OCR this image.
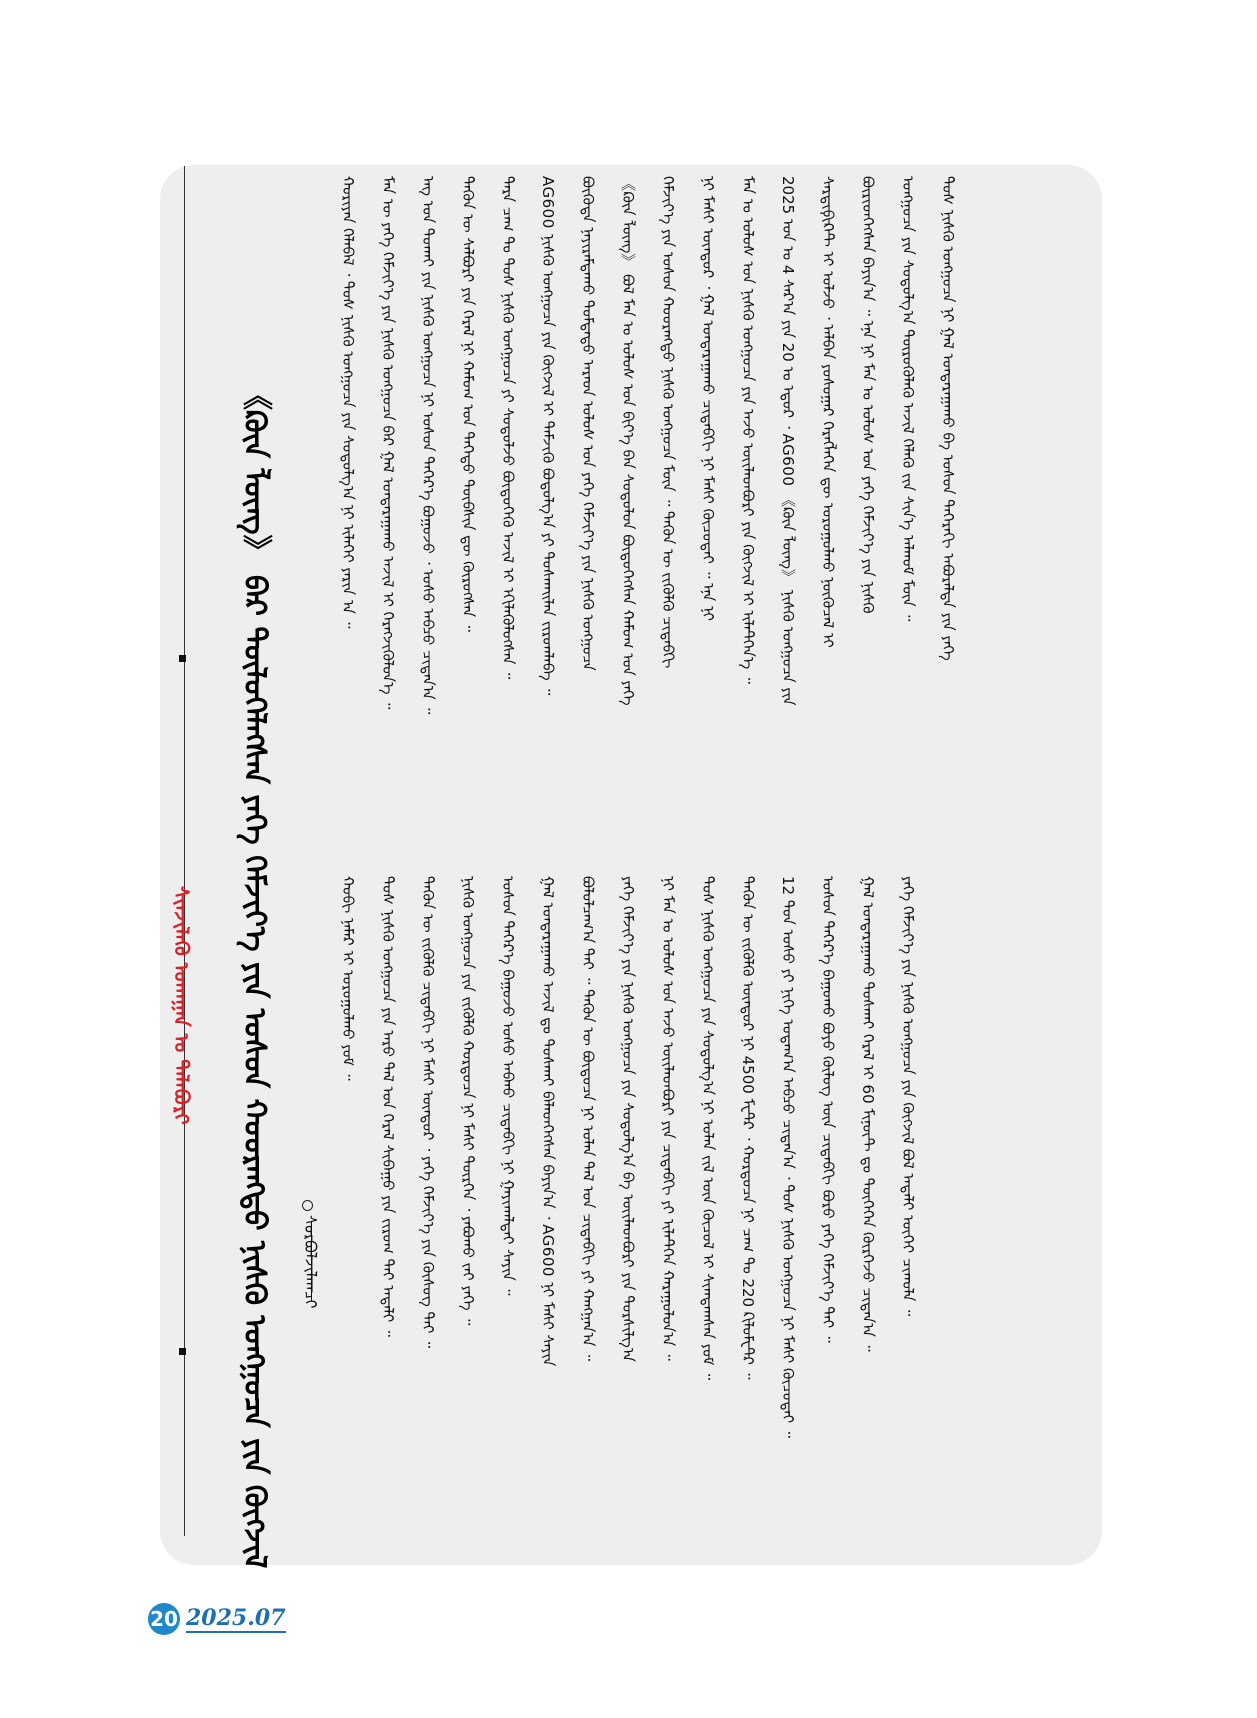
ᠰᠢᠨᠵᠢᠯᠡᠬᠦ ᠤᠬᠠᠭᠠᠨ ᠤ ᠲᠠᠯᠠᠪᠤᠷᠢ	《ᠺᠦᠨ ᠯᠦᠩ》 ᠪᠠᠷ ᠲᠦᠯᠦᠭᠡᠯᠡᠭᠰᠡᠨ ᠶᠡᠬᠡ ᠬᠡᠮᠵᠢᠶ᠎ᠡ ᠶᠢᠨ ᠤᠰᠤᠨ ᠬᠤᠤᠷᠠᠩᠳᠤ ᠨᠢᠰᠬᠦ ᠣᠩᠭᠤᠴᠠ ᠶᠢᠨ ᠬᠦᠭᠵᠢᠯ	ᠰᠤᠷᠪᠤᠯᠵᠢᠯᠠᠭᠴᠢ
ᠬᠤᠷᠢᠶᠠᠨ ᠬᠡᠯᠡᠪᠡᠯ ᠂ ᠲᠤᠰ ᠨᠢᠰᠬᠦ ᠣᠩᠭᠤᠴᠠ ᠶᠢᠨ ᠰᠤᠳᠤᠯᠭ᠎ᠠ ᠨᠢ ᠢᠯᠡᠬᠡᠢ ᠶᠠᠷᠢᠨ ᠠ ᠃	ᠮᠡᠨ ᠦ ᠶᠡᠬᠡ ᠬᠡᠮᠵᠢᠶ᠎ᠡ ᠶᠢᠨ ᠨᠢᠰᠬᠦ ᠣᠩᠭᠤᠴᠠ ᠪᠠᠷ ᠭᠠᠯ ᠤᠨᠲᠠᠷᠠᠭᠠᠬᠤ ᠠᠵᠢᠯ ᠢ ᠬᠡᠷᠡᠭᠵᠢᠭᠦᠯᠦᠨ᠎ᠡ ᠃	ᠡᠩ ᠤᠨ ᠲᠤᠬᠠᠢ ᠶᠢᠨ ᠨᠢᠰᠬᠦ ᠣᠩᠭᠤᠴᠠ ᠨᠢ ᠤᠰᠤᠨ ᠳᠡᠭᠡᠷ᠎ᠡ ᠪᠤᠭᠤᠵᠤ ᠂ ᠤᠰᠤ ᠠᠪᠴᠤ ᠴᠢᠳᠠᠨ᠎ᠠ ᠃	ᠲᠡᠭᠦᠨ ᠦ ᠰᠠᠯᠪᠤᠷᠢ ᠶᠢᠨ ᠭᠡᠷᠡᠯ ᠨᠢ ᠬᠠᠮᠤᠭ ᠤᠨ ᠳᠡᠭᠡᠳᠦ ᠲᠦᠪᠰᠢᠨ ᠳᠦ ᠬᠦᠷᠦᠭᠰᠡᠨ ᠃	ᠲᠡᠷᠡ ᠴᠠᠭ ᠲᠤ ᠲᠤᠰ ᠨᠢᠰᠬᠦ ᠣᠩᠭᠤᠴᠠ ᠶᠢ ᠰᠤᠳᠤᠯᠵᠤ ᠪᠦᠲᠦᠭᠡᠬᠦ ᠠᠵᠢᠯ ᠢ ᠡᠬᠢᠯᠡᠭᠦᠯᠦᠭᠰᠡᠨ ᠃	AG600 ᠨᠢᠰᠬᠦ ᠣᠩᠭᠤᠴᠠ ᠶᠢᠨ ᠬᠦᠭᠵᠢᠯ ᠢ ᠳᠡᠮᠵᠢᠬᠦ ᠪᠣᠳᠣᠯᠭ᠎ᠠ ᠶᠢ ᠲᠤᠰᠬᠠᠢᠯᠠᠨ ᠵᠢᠷᠤᠭᠯᠠᠪᠠ ᠃	ᠪᠦᠭᠦᠳᠡ ᠨᠠᠶᠢᠷᠠᠮᠳᠠᠬᠤ ᠳᠤᠮᠳᠠᠳᠤ ᠠᠷᠠᠳ ᠤᠯᠤᠰ ᠤᠨ ᠶᠡᠬᠡ ᠬᠡᠮᠵᠢᠶ᠎ᠡ ᠶᠢᠨ ᠨᠢᠰᠬᠦ ᠣᠩᠭᠤᠴᠠ	《ᠺᠦᠨ ᠯᠦᠩ》 ᠪᠣᠯ ᠮᠠᠨ ᠤ ᠤᠯᠤᠰ ᠤᠨ ᠪᠢᠶ᠎ᠡ ᠪᠡᠨ ᠰᠤᠳᠤᠯᠤᠨ ᠪᠦᠲᠦᠭᠡᠭᠰᠡᠨ ᠬᠠᠮᠤᠭ ᠤᠨ ᠶᠡᠬᠡ	ᠬᠡᠮᠵᠢᠶ᠎ᠡ ᠶᠢᠨ ᠤᠰᠤᠨ ᠬᠤᠤᠷᠠᠩᠳᠤ ᠨᠢᠰᠬᠦ ᠣᠩᠭᠤᠴᠠ ᠮᠥᠨ ᠃ ᠲᠡᠭᠦᠨ ᠦ ᠵᠢᠭᠦᠯᠬᠦ ᠴᠢᠳᠠᠪᠬᠢ	ᠨᠢ ᠮᠠᠰᠢ ᠥᠨᠳᠥᠷ ᠂ ᠭᠠᠯ ᠤᠨᠲᠠᠷᠠᠭᠠᠬᠤ ᠴᠢᠳᠠᠪᠬᠢ ᠨᠢ ᠮᠠᠰᠢ ᠬᠦᠴᠦᠲᠡᠢ ᠃ ᠡᠨᠡ ᠨᠢ	ᠮᠠᠨ ᠤ ᠤᠯᠤᠰ ᠤᠨ ᠨᠢᠰᠬᠦ ᠣᠩᠭᠤᠴᠠ ᠶᠢᠨ ᠠᠵᠤ ᠦᠢᠯᠡᠳᠪᠦᠷᠢ ᠶᠢᠨ ᠬᠦᠭᠵᠢᠯ ᠢ ᠢᠯᠡᠲᠬᠡᠨ᠎ᠡ ᠃	2025 ᠣᠨ ᠤ 4 ᠰᠠᠷ᠎ᠠ ᠶᠢᠨ 20 ᠤ ᠡᠳᠦᠷ ᠂ AG600 《ᠺᠦᠨ ᠯᠦᠩ》 ᠨᠢᠰᠬᠦ ᠣᠩᠭᠤᠴᠠ ᠶᠢᠨ	ᠰᠡᠷᠲᠢᠹᠢᠺᠠᠲ ᠢ ᠣᠯᠵᠤ ᠂ ᠠᠯᠪᠠᠨ ᠶᠣᠰᠣᠭᠠᠷ ᠬᠡᠷᠡᠭᠯᠡᠭᠡᠨ ᠳᠦ ᠣᠷᠣᠭᠤᠯᠬᠤ ᠨᠦᠬᠦᠴᠡᠯ ᠢ	ᠪᠦᠷᠢᠳᠬᠡᠭᠰᠡᠨ ᠪᠠᠶᠢᠨ᠎ᠠ ᠃ ᠡᠨᠡ ᠨᠢ ᠮᠠᠨ ᠤ ᠤᠯᠤᠰ ᠤᠨ ᠶᠡᠬᠡ ᠬᠡᠮᠵᠢᠶ᠎ᠡ ᠶᠢᠨ ᠨᠢᠰᠬᠦ	ᠣᠩᠭᠤᠴᠠ ᠶᠢᠨ ᠰᠤᠳᠤᠯᠭ᠎ᠠ ᠲᠦᠷᠦᠭᠦᠯᠡᠬᠦ ᠠᠵᠢᠯ ᠬᠡᠯᠡᠬᠦ ᠵᠢᠨ ᠰᠢᠨ᠎ᠡ ᠠᠯᠬᠤᠮ ᠮᠥᠨ ᠃	ᠲᠤᠰ ᠨᠢᠰᠬᠦ ᠣᠩᠭᠤᠴᠠ ᠨᠢ ᠭᠠᠯ ᠤᠨᠲᠠᠷᠠᠭᠠᠬᠤ ᠪᠠ ᠤᠰᠤᠨ ᠳᠡᠭᠡᠷᠡᠬᠢ ᠠᠪᠤᠷᠠᠯᠲᠠ ᠶᠢᠨ ᠶᠡᠬᠡ
ᠬᠤᠪᠢ ᠨᠡᠮᠡᠷ ᠢ ᠣᠷᠤᠭᠤᠯᠬᠤ ᠶᠤᠮ ᠃	ᠲᠤᠰ ᠨᠢᠰᠬᠦ ᠣᠩᠭᠤᠴᠠ ᠶᠢᠨ ᠠᠷᠤ ᠲᠠᠯ ᠤᠨ ᠭᠡᠷᠡᠯ ᠰᠢᠪᠠᠭᠤ ᠶᠢᠨ ᠵᠢᠷᠤᠭ ᠲᠠᠢ ᠠᠳᠠᠯᠢ ᠃	ᠲᠡᠭᠦᠨ ᠦ ᠵᠢᠭᠦᠯᠬᠦ ᠴᠢᠳᠠᠪᠬᠢ ᠨᠢ ᠮᠠᠰᠢ ᠥᠨᠳᠥᠷ ᠂ ᠶᠡᠬᠡ ᠬᠡᠮᠵᠢᠶ᠎ᠡ ᠶᠢᠨ ᠬᠦᠰᠦᠭ ᠲᠠᠢ ᠃	ᠨᠢᠰᠬᠦ ᠣᠩᠭᠤᠴᠠ ᠶᠢᠨ ᠵᠢᠭᠦᠯᠬᠦ ᠬᠤᠷᠳᠤᠴᠠ ᠨᠢ ᠮᠠᠰᠢ ᠲᠦᠷᠭᠡᠨ ᠂ ᠶᠠᠪᠤᠬᠤ ᠵᠠᠢ ᠶᠡᠬᠡ ᠃	ᠤᠰᠤᠨ ᠳᠡᠭᠡᠷ᠎ᠡ ᠪᠠᠭᠤᠵᠤ ᠤᠰᠤ ᠠᠪᠬᠤ ᠴᠢᠳᠠᠪᠬᠢ ᠨᠢ ᠭᠠᠶᠢᠬᠠᠯᠲᠠᠢ ᠰᠠᠶᠢᠨ ᠃	ᠭᠠᠯ ᠤᠨᠲᠠᠷᠠᠭᠠᠬᠤ ᠠᠵᠢᠯ ᠳᠤ ᠲᠤᠰᠬᠠᠢ ᠪᠡᠯᠡᠳᠬᠡᠭᠰᠡᠨ ᠪᠠᠶᠢᠨ᠎ᠠ ᠂ AG600 ᠨᠢ ᠮᠠᠰᠢ ᠰᠠᠶᠢᠨ	ᠪᠣᠯᠤᠯᠴᠠᠭ᠎ᠠ ᠲᠠᠢ ᠃ ᠲᠡᠭᠦᠨ ᠦ ᠪᠦᠲᠦᠴᠡ ᠨᠢ ᠣᠯᠠᠨ ᠲᠠᠯ ᠤᠨ ᠴᠢᠳᠠᠪᠬᠢ ᠶᠢ ᠬᠠᠩᠭᠠᠨ᠎ᠠ ᠃	ᠶᠡᠬᠡ ᠬᠡᠮᠵᠢᠶ᠎ᠡ ᠶᠢᠨ ᠨᠢᠰᠬᠦ ᠣᠩᠭᠤᠴᠠ ᠶᠢᠨ ᠰᠤᠳᠤᠯᠭ᠎ᠠ ᠪᠠ ᠦᠢᠯᠡᠳᠪᠦᠷᠢ ᠶᠢᠨ ᠲᠤᠷᠰᠢᠯᠭ᠎ᠠ	ᠨᠢ ᠮᠠᠨ ᠤ ᠤᠯᠤᠰ ᠤᠨ ᠠᠵᠤ ᠦᠢᠯᠡᠳᠪᠦᠷᠢ ᠶᠢᠨ ᠴᠢᠳᠠᠪᠬᠢ ᠶᠢ ᠢᠯᠡᠲᠬᠡᠨ ᠬᠠᠷᠠᠭᠤᠯᠤᠨ᠎ᠠ ᠃	ᠲᠤᠰ ᠨᠢᠰᠬᠦ ᠣᠩᠭᠤᠴᠠ ᠶᠢᠨ ᠰᠤᠳᠤᠯᠭ᠎ᠠ ᠨᠢ ᠣᠯᠠᠨ ᠵᠢᠯ ᠦᠨ ᠬᠦᠴᠦᠯ ᠢ ᠰᠢᠭᠳᠠᠭᠰᠠᠨ ᠶᠤᠮ ᠃	ᠲᠡᠭᠦᠨ ᠦ ᠵᠢᠭᠦᠯᠬᠦ ᠥᠨᠳᠥᠷ ᠨᠢ 4500 ᠮᠧᠲ᠋ᠷ ᠂ ᠬᠤᠷᠳᠤᠴᠠ ᠨᠢ ᠴᠠᠭ ᠲᠤ 220 ᠺᠢᠯᠤᠮᠧᠲ᠋ᠷ ᠃	12 ᠲᠣᠨ ᠤᠰᠤ ᠶᠢ ᠨᠢᠭᠡ ᠤᠳᠠᠭ᠎ᠠ ᠠᠪᠴᠤ ᠴᠢᠳᠠᠨ᠎ᠠ ᠂ ᠲᠤᠰ ᠨᠢᠰᠬᠦ ᠣᠩᠭᠤᠴᠠ ᠨᠢ ᠮᠠᠰᠢ ᠬᠦᠴᠦᠲᠡᠢ ᠃	ᠤᠰᠤᠨ ᠳᠡᠭᠡᠷ᠎ᠡ ᠪᠠᠭᠤᠬᠤ ᠪᠤᠶᠤ ᠬᠦᠯᠦᠭ ᠦᠨ ᠴᠢᠳᠠᠪᠬᠢ ᠪᠤᠷᠤ ᠶᠡᠬᠡ ᠬᠡᠮᠵᠢᠶ᠎ᠡ ᠲᠠᠢ ᠃	ᠭᠠᠯ ᠤᠨᠲᠠᠷᠠᠭᠠᠬᠤ ᠲᠤᠰᠬᠠᠢ ᠭᠡᠷᠡᠯ ᠢ 60 ᠮᠢᠨᠦ᠋ᠲ ᠳᠤ ᠲᠦᠭᠡᠭᠡᠨ ᠬᠦᠷᠭᠡᠵᠦ ᠴᠢᠳᠠᠨ᠎ᠠ ᠃	ᠶᠡᠬᠡ ᠬᠡᠮᠵᠢᠶ᠎ᠡ ᠶᠢᠨ ᠨᠢᠰᠬᠦ ᠣᠩᠭᠤᠴᠠ ᠶᠢᠨ ᠬᠦᠭᠵᠢᠯ ᠪᠣᠯ ᠠᠳᠠᠯᠢ ᠦᠭᠡᠢ ᠴᠢᠬᠤᠯᠠ ᠃
20 2025.07
